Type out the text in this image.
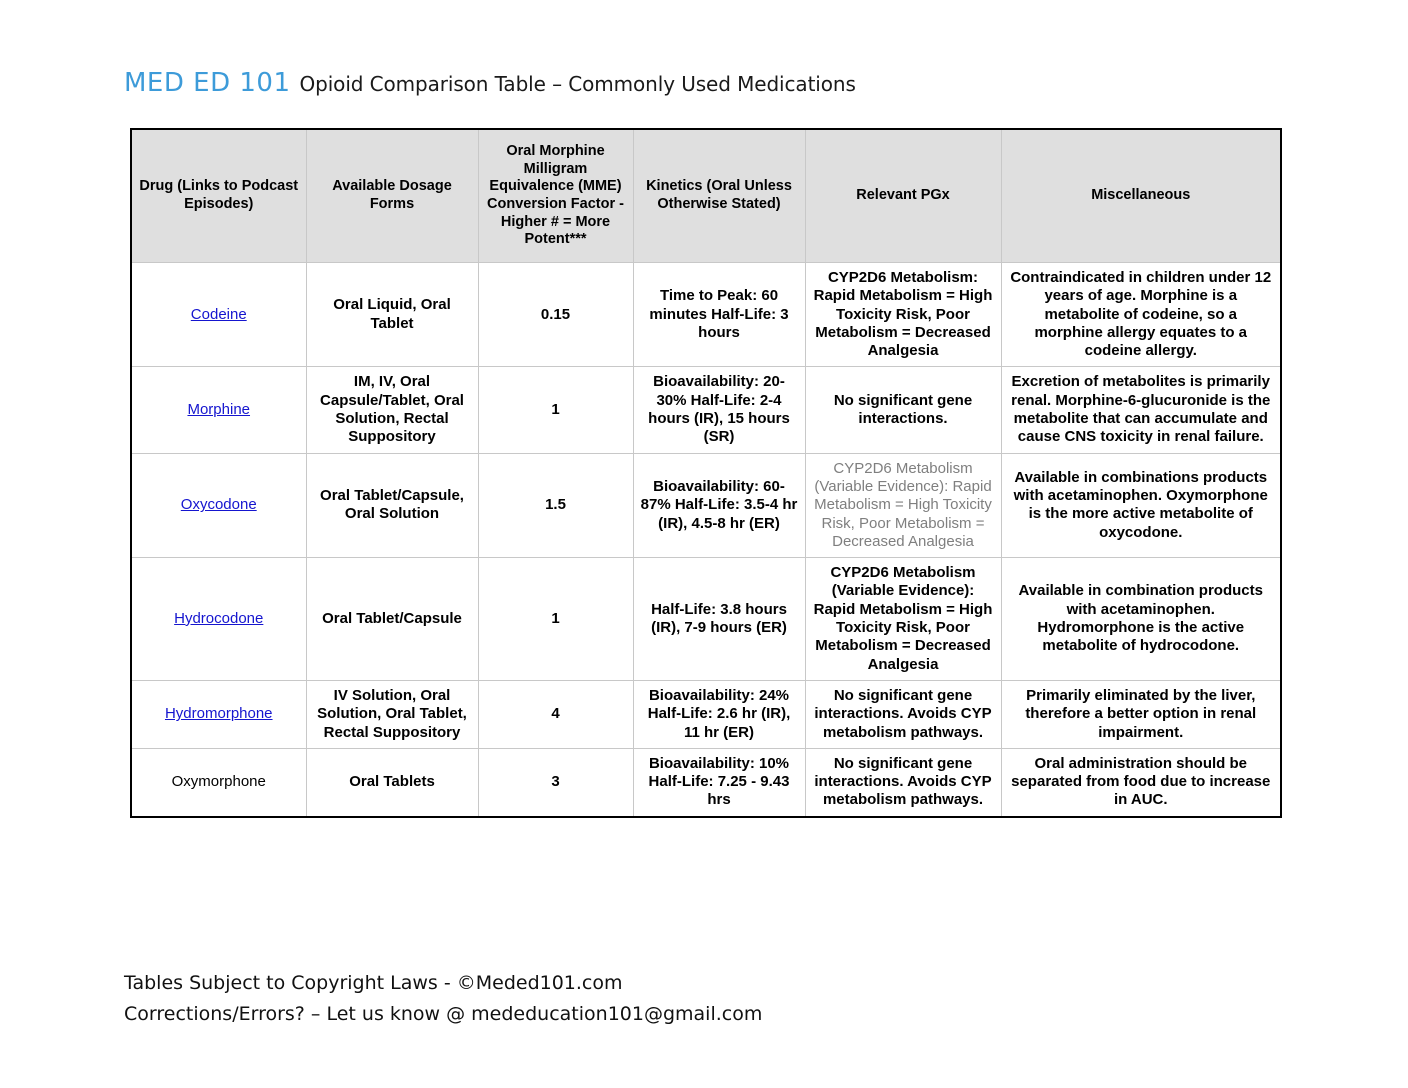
MED ED 101 Opioid Comparison Table – Commonly Used Medications
Drug (Links to Podcast Episodes)	Available Dosage Forms	Oral Morphine Milligram Equivalence (MME) Conversion Factor - Higher # = More Potent***	Kinetics (Oral Unless Otherwise Stated)	Relevant PGx	Miscellaneous
Codeine	Oral Liquid, Oral Tablet	0.15	Time to Peak: 60 minutes Half-Life: 3 hours	CYP2D6 Metabolism: Rapid Metabolism = High Toxicity Risk, Poor Metabolism = Decreased Analgesia	Contraindicated in children under 12 years of age. Morphine is a metabolite of codeine, so a morphine allergy equates to a codeine allergy.
Morphine	IM, IV, Oral Capsule/Tablet, Oral Solution, Rectal Suppository	1	Bioavailability: 20-30% Half-Life: 2-4 hours (IR), 15 hours (SR)	No significant gene interactions.	Excretion of metabolites is primarily renal. Morphine-6-glucuronide is the metabolite that can accumulate and cause CNS toxicity in renal failure.
Oxycodone	Oral Tablet/Capsule, Oral Solution	1.5	Bioavailability: 60-87% Half-Life: 3.5-4 hr (IR), 4.5-8 hr (ER)	CYP2D6 Metabolism (Variable Evidence): Rapid Metabolism = High Toxicity Risk, Poor Metabolism = Decreased Analgesia	Available in combinations products with acetaminophen. Oxymorphone is the more active metabolite of oxycodone.
Hydrocodone	Oral Tablet/Capsule	1	Half-Life: 3.8 hours (IR), 7-9 hours (ER)	CYP2D6 Metabolism (Variable Evidence): Rapid Metabolism = High Toxicity Risk, Poor Metabolism = Decreased Analgesia	Available in combination products with acetaminophen. Hydromorphone is the active metabolite of hydrocodone.
Hydromorphone	IV Solution, Oral Solution, Oral Tablet, Rectal Suppository	4	Bioavailability: 24% Half-Life: 2.6 hr (IR), 11 hr (ER)	No significant gene interactions. Avoids CYP metabolism pathways.	Primarily eliminated by the liver, therefore a better option in renal impairment.
Oxymorphone	Oral Tablets	3	Bioavailability: 10% Half-Life: 7.25 - 9.43 hrs	No significant gene interactions. Avoids CYP metabolism pathways.	Oral administration should be separated from food due to increase in AUC.
Tables Subject to Copyright Laws - ©Meded101.com
Corrections/Errors? – Let us know @ mededucation101@gmail.com
